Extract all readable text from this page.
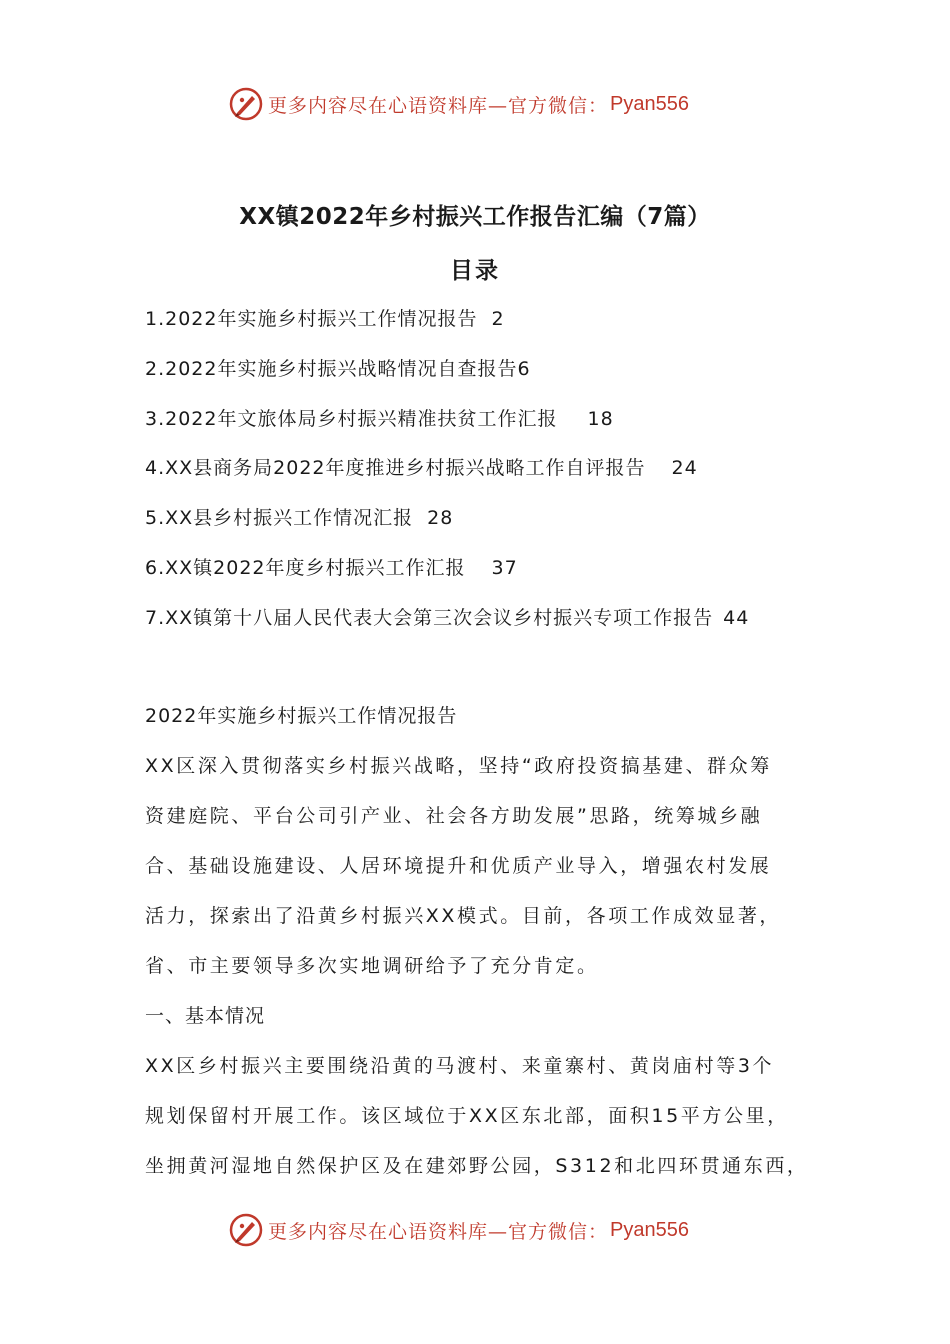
更多内容尽在心语资料库—官方微信： Pyan556
XX镇2022年乡村振兴工作报告汇编（7篇）
目录
1.2022年实施乡村振兴工作情况报告 2
2.2022年实施乡村振兴战略情况自查报告6
3.2022年文旅体局乡村振兴精准扶贫工作汇报 18
4.XX县商务局2022年度推进乡村振兴战略工作自评报告 24
5.XX县乡村振兴工作情况汇报 28
6.XX镇2022年度乡村振兴工作汇报 37
7.XX镇第十八届人民代表大会第三次会议乡村振兴专项工作报告 44
2022年实施乡村振兴工作情况报告
XX区深入贯彻落实乡村振兴战略，坚持“政府投资搞基建、群众筹
资建庭院、平台公司引产业、社会各方助发展”思路，统筹城乡融
合、基础设施建设、人居环境提升和优质产业导入，增强农村发展
活力，探索出了沿黄乡村振兴XX模式。目前，各项工作成效显著，
省、市主要领导多次实地调研给予了充分肯定。
一、基本情况
XX区乡村振兴主要围绕沿黄的马渡村、来童寨村、黄岗庙村等3个
规划保留村开展工作。该区域位于XX区东北部，面积15平方公里，
坐拥黄河湿地自然保护区及在建郊野公园，S312和北四环贯通东西，
更多内容尽在心语资料库—官方微信： Pyan556
